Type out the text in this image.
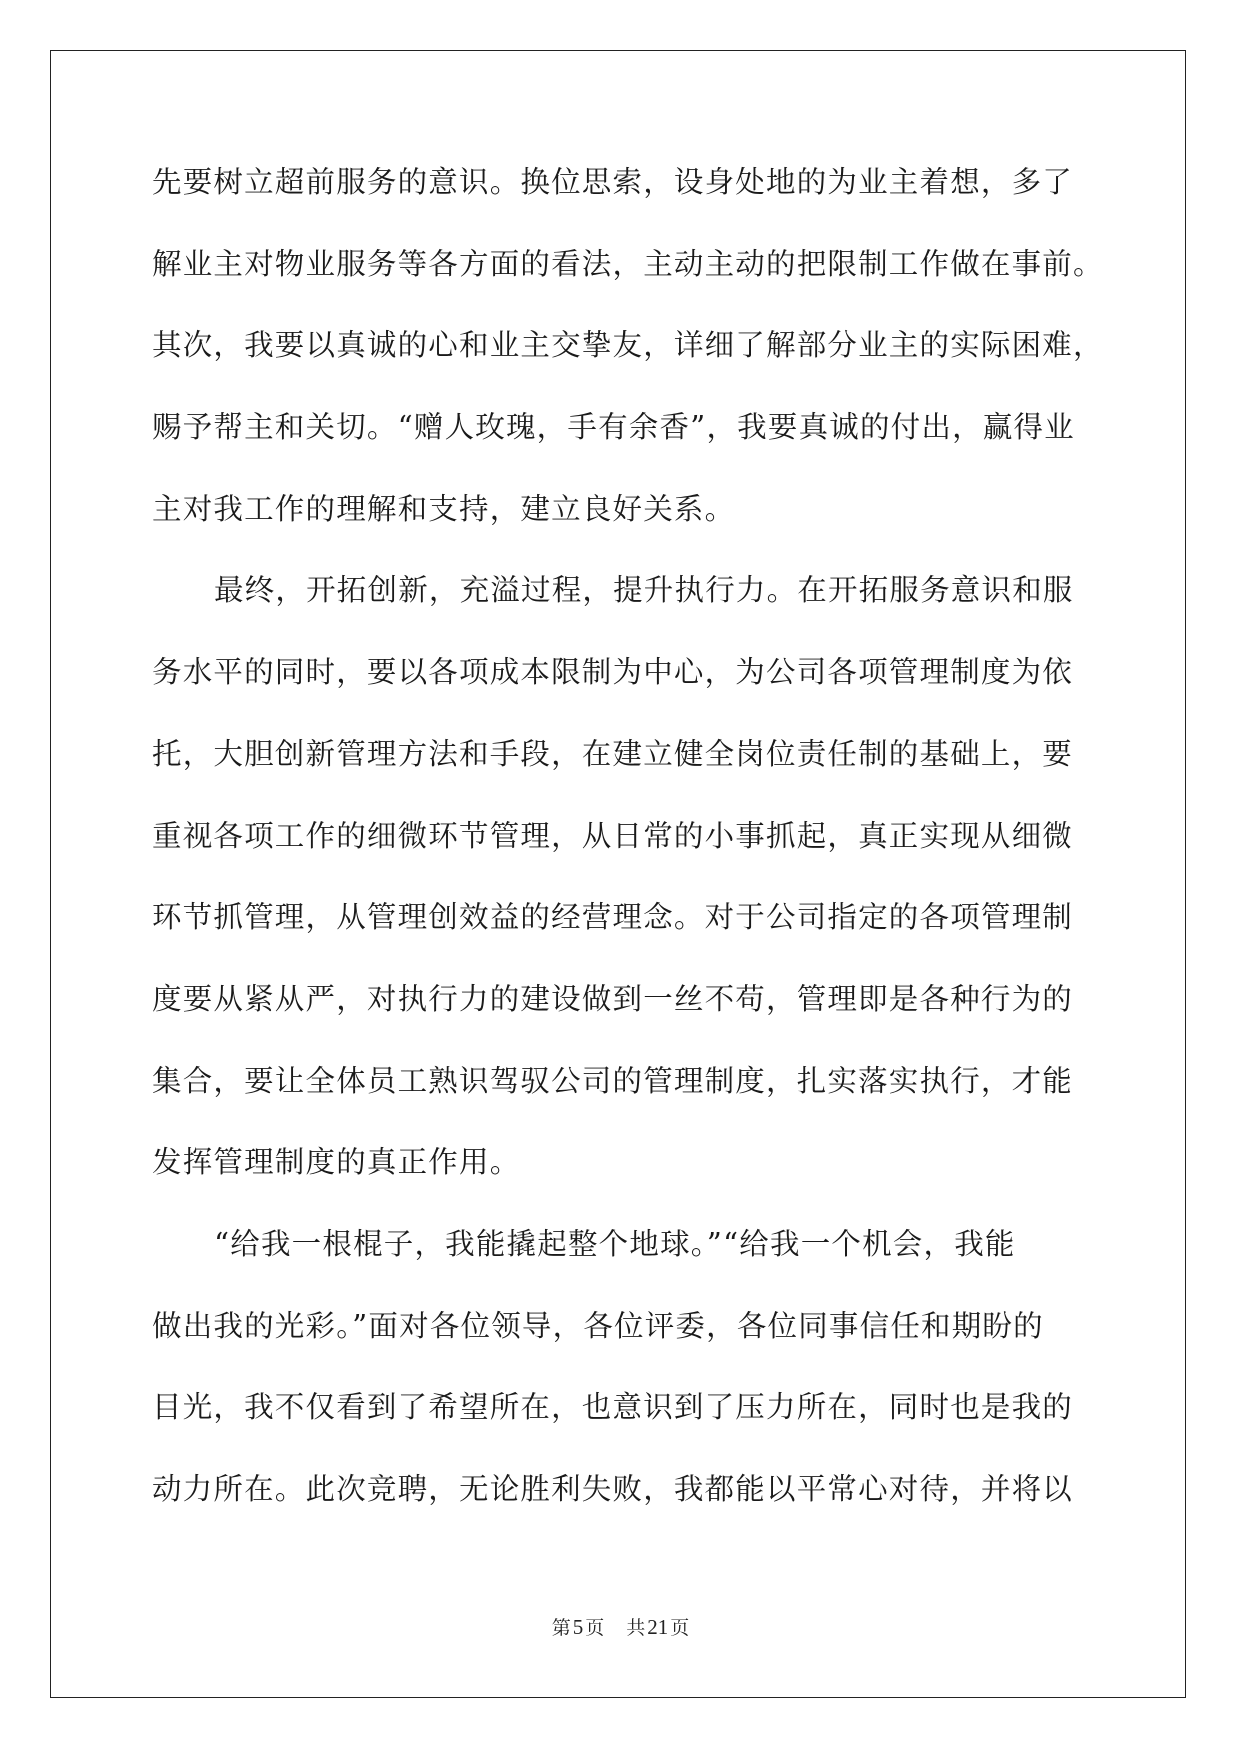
先要树立超前服务的意识。换位思索，设身处地的为业主着想，多了
解业主对物业服务等各方面的看法，主动主动的把限制工作做在事前。
其次，我要以真诚的心和业主交挚友，详细了解部分业主的实际困难，
赐予帮主和关切。“赠人玫瑰，手有余香”，我要真诚的付出，赢得业
主对我工作的理解和支持，建立良好关系。
最终，开拓创新，充溢过程，提升执行力。在开拓服务意识和服
务水平的同时，要以各项成本限制为中心，为公司各项管理制度为依
托，大胆创新管理方法和手段，在建立健全岗位责任制的基础上，要
重视各项工作的细微环节管理，从日常的小事抓起，真正实现从细微
环节抓管理，从管理创效益的经营理念。对于公司指定的各项管理制
度要从紧从严，对执行力的建设做到一丝不苟，管理即是各种行为的
集合，要让全体员工熟识驾驭公司的管理制度，扎实落实执行，才能
发挥管理制度的真正作用。
“给我一根棍子，我能撬起整个地球。”“给我一个机会，我能
做出我的光彩。”面对各位领导，各位评委，各位同事信任和期盼的
目光，我不仅看到了希望所在，也意识到了压力所在，同时也是我的
动力所在。此次竞聘，无论胜利失败，我都能以平常心对待，并将以
第5 页 共21 页
